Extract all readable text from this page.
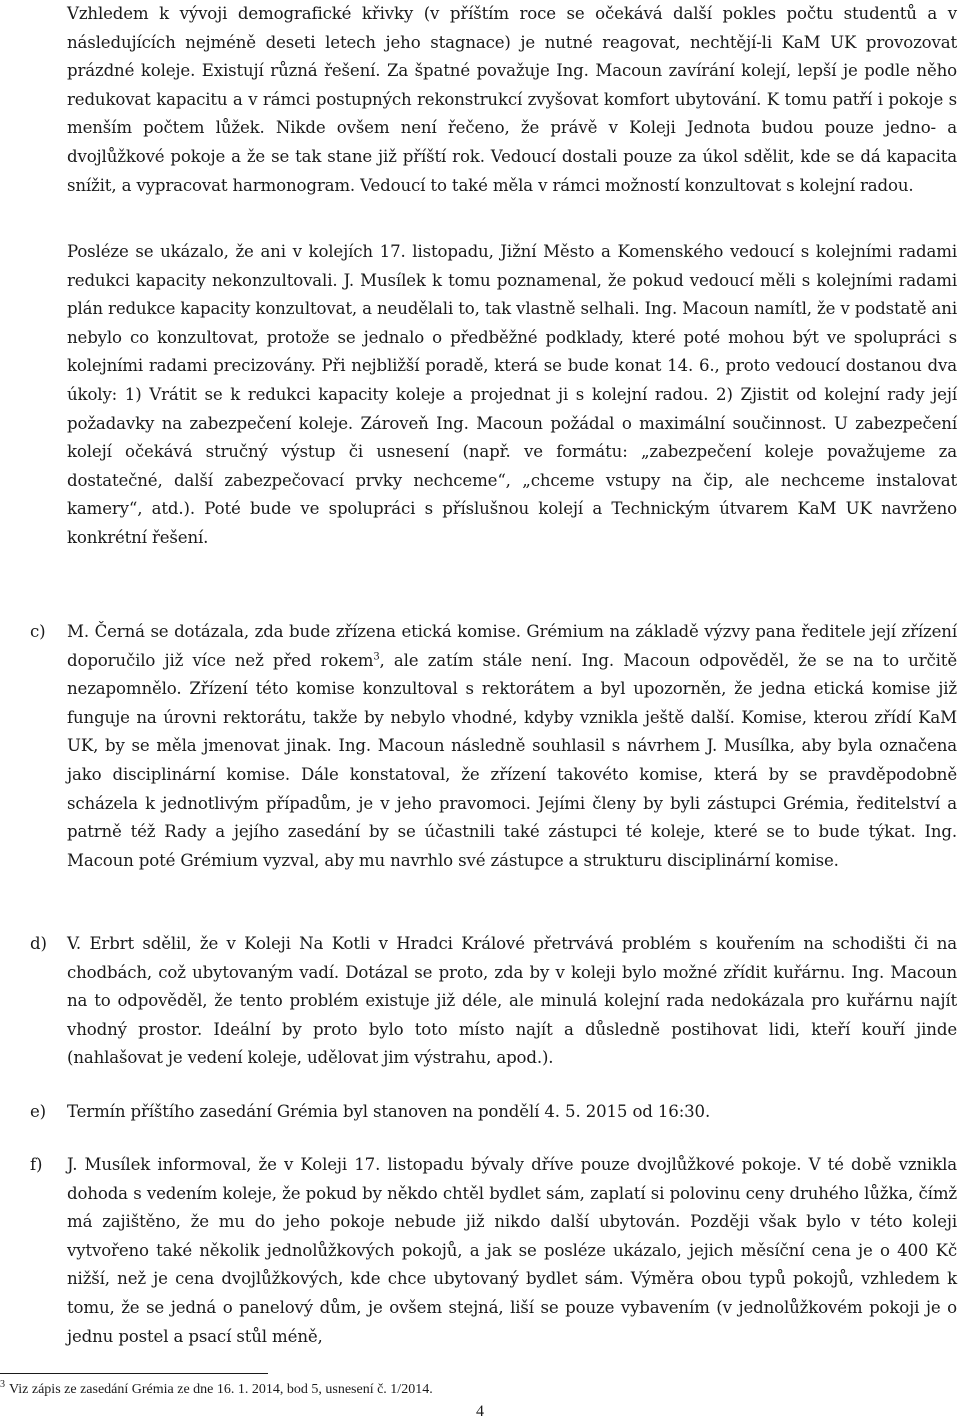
Vzhledem k vývoji demografické křivky (v příštím roce se očekává další pokles počtu studentů a v následujících nejméně deseti letech jeho stagnace) je nutné reagovat, nechtějí-li KaM UK provozovat prázdné koleje. Existují různá řešení. Za špatné považuje Ing. Macoun zavírání kolejí, lepší je podle něho redukovat kapacitu a v rámci postupných rekonstrukcí zvyšovat komfort ubytování. K tomu patří i pokoje s menším počtem lůžek. Nikde ovšem není řečeno, že právě v Koleji Jednota budou pouze jedno- a dvojlůžkové pokoje a že se tak stane již příští rok. Vedoucí dostali pouze za úkol sdělit, kde se dá kapacita snížit, a vypracovat harmonogram. Vedoucí to také měla v rámci možností konzultovat s kolejní radou.

Posléze se ukázalo, že ani v kolejích 17. listopadu, Jižní Město a Komenského vedoucí s kolejními radami redukci kapacity nekonzultovali. J. Musílek k tomu poznamenal, že pokud vedoucí měli s kolejními radami plán redukce kapacity konzultovat, a neudělali to, tak vlastně selhali. Ing. Macoun namítl, že v podstatě ani nebylo co konzultovat, protože se jednalo o předběžné podklady, které poté mohou být ve spolupráci s kolejními radami precizovány. Při nejbližší poradě, která se bude konat 14. 6., proto vedoucí dostanou dva úkoly: 1) Vrátit se k redukci kapacity koleje a projednat ji s kolejní radou. 2) Zjistit od kolejní rady její požadavky na zabezpečení koleje. Zároveň Ing. Macoun požádal o maximální součinnost. U zabezpečení kolejí očekává stručný výstup či usnesení (např. ve formátu: „zabezpečení koleje považujeme za dostatečné, další zabezpečovací prvky nechceme“, „chceme vstupy na čip, ale nechceme instalovat kamery“, atd.). Poté bude ve spolupráci s příslušnou kolejí a Technickým útvarem KaM UK navrženo konkrétní řešení.

c)	M. Černá se dotázala, zda bude zřízena etická komise. Grémium na základě výzvy pana ředitele její zřízení doporučilo již více než před rokem$^3$, ale zatím stále není. Ing. Macoun odpověděl, že se na to určitě nezapomnělo. Zřízení této komise konzultoval s rektorátem a byl upozorněn, že jedna etická komise již funguje na úrovni rektorátu, takže by nebylo vhodné, kdyby vznikla ještě další. Komise, kterou zřídí KaM UK, by se měla jmenovat jinak. Ing. Macoun následně souhlasil s návrhem J. Musílka, aby byla označena jako disciplinární komise. Dále konstatoval, že zřízení takovéto komise, která by se pravděpodobně scházela k jednotlivým případům, je v jeho pravomoci. Jejími členy by byli zástupci Grémia, ředitelství a patrně též Rady a jejího zasedání by se účastnili také zástupci té koleje, které se to bude týkat. Ing. Macoun poté Grémium vyzval, aby mu navrhlo své zástupce a strukturu disciplinární komise.

d)	V. Erbrt sdělil, že v Koleji Na Kotli v Hradci Králové přetrvává problém s kouřením na schodišti či na chodbách, což ubytovaným vadí. Dotázal se proto, zda by v koleji bylo možné zřídit kuřárnu. Ing. Macoun na to odpověděl, že tento problém existuje již déle, ale minulá kolejní rada nedokázala pro kuřárnu najít vhodný prostor. Ideální by proto bylo toto místo najít a důsledně postihovat lidi, kteří kouří jinde (nahlašovat je vedení koleje, udělovat jim výstrahu, apod.).

e)	Termín příštího zasedání Grémia byl stanoven na pondělí 4. 5. 2015 od 16:30.

f)	J. Musílek informoval, že v Koleji 17. listopadu bývaly dříve pouze dvojlůžkové pokoje. V té době vznikla dohoda s vedením koleje, že pokud by někdo chtěl bydlet sám, zaplatí si polovinu ceny druhého lůžka, čímž má zajištěno, že mu do jeho pokoje nebude již nikdo další ubytován. Později však bylo v této koleji vytvořeno také několik jednolůžkových pokojů, a jak se posléze ukázalo, jejich měsíční cena je o 400 Kč nižší, než je cena dvojlůžkových, kde chce ubytovaný bydlet sám. Výměra obou typů pokojů, vzhledem k tomu, že se jedná o panelový dům, je ovšem stejná, liší se pouze vybavením (v jednolůžkovém pokoji je o jednu postel a psací stůl méně,

$^3$ Viz zápis ze zasedání Grémia ze dne 16. 1. 2014, bod 5, usnesení č. 1/2014.
4
